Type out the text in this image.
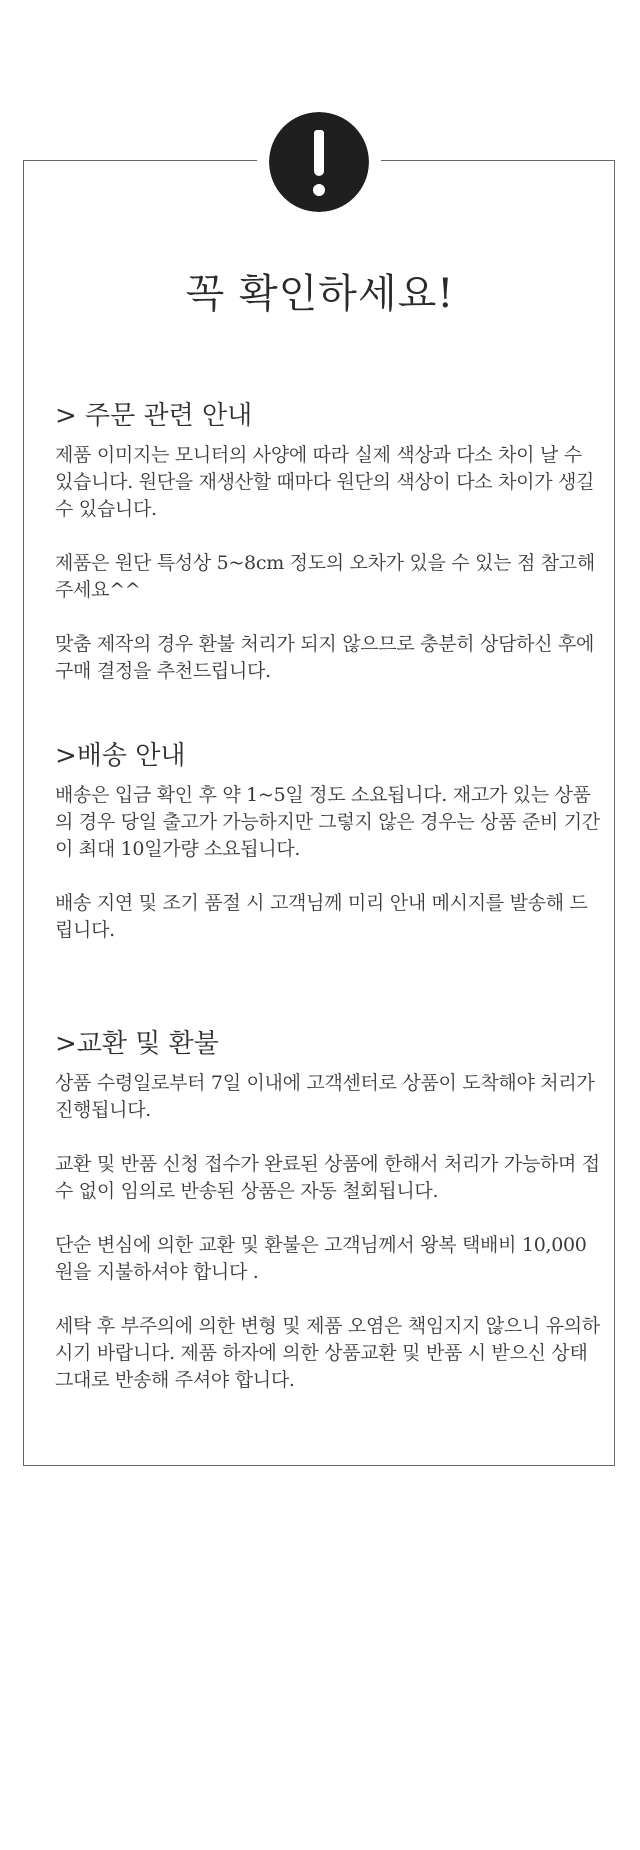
꼭 확인하세요!
> 주문 관련 안내

제품 이미지는 모니터의 사양에 따라 실제 색상과 다소 차이 날 수 있습니다. 원단을 재생산할 때마다 원단의 색상이 다소 차이가 생길 수 있습니다.

제품은 원단 특성상 5~8cm 정도의 오차가 있을 수 있는 점 참고해 주세요^^

맞춤 제작의 경우 환불 처리가 되지 않으므로 충분히 상담하신 후에 구매 결정을 추천드립니다.

>배송 안내

배송은 입금 확인 후 약 1~5일 정도 소요됩니다. 재고가 있는 상품의 경우 당일 출고가 가능하지만 그렇지 않은 경우는 상품 준비 기간이 최대 10일가량 소요됩니다.

배송 지연 및 조기 품절 시 고객님께 미리 안내 메시지를 발송해 드립니다.

>교환 및 환불

상품 수령일로부터 7일 이내에 고객센터로 상품이 도착해야 처리가 진행됩니다.

교환 및 반품 신청 접수가 완료된 상품에 한해서 처리가 가능하며 접수 없이 임의로 반송된 상품은 자동 철회됩니다.

단순 변심에 의한 교환 및 환불은 고객님께서 왕복 택배비 10,000원을 지불하셔야 합니다 .

세탁 후 부주의에 의한 변형 및 제품 오염은 책임지지 않으니 유의하시기 바랍니다. 제품 하자에 의한 상품교환 및 반품 시 받으신 상태 그대로 반송해 주셔야 합니다.
